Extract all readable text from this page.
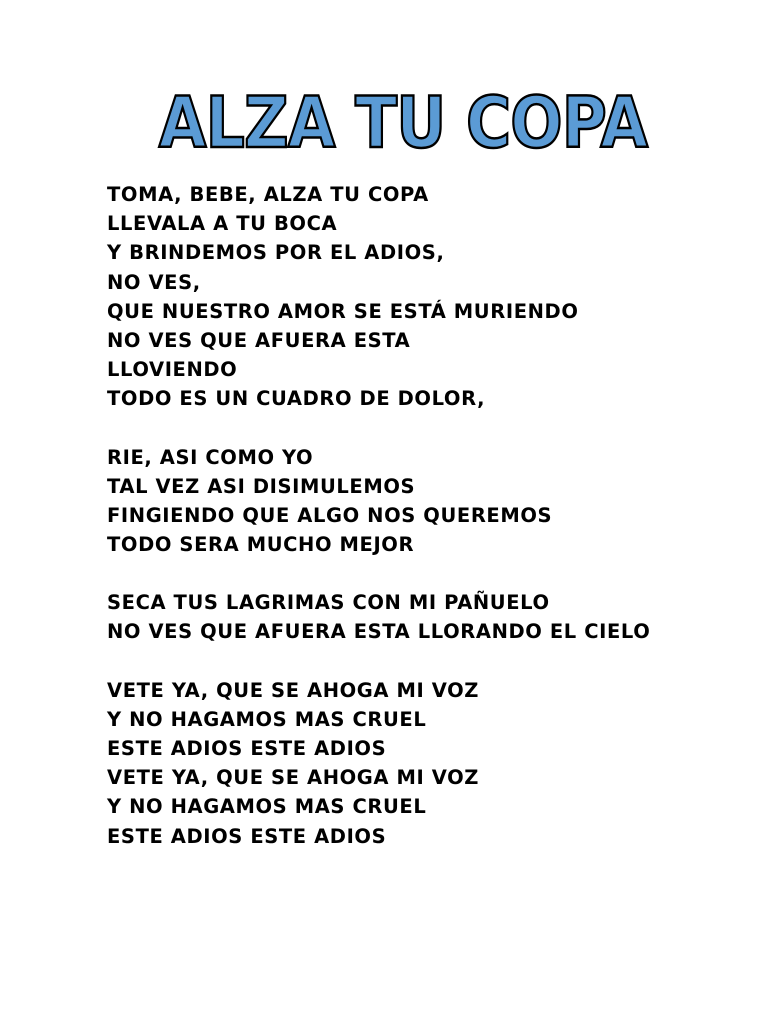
ALZA TU COPA
TOMA, BEBE, ALZA TU COPA
LLEVALA A TU BOCA
Y BRINDEMOS POR EL ADIOS,
NO VES,
QUE NUESTRO AMOR SE ESTÁ MURIENDO
NO VES QUE AFUERA ESTA
LLOVIENDO
TODO ES UN CUADRO DE DOLOR,
RIE, ASI COMO YO
TAL VEZ ASI DISIMULEMOS
FINGIENDO QUE ALGO NOS QUEREMOS
TODO SERA MUCHO MEJOR
SECA TUS LAGRIMAS CON MI PAÑUELO
NO VES QUE AFUERA ESTA LLORANDO EL CIELO
VETE YA, QUE SE AHOGA MI VOZ
Y NO HAGAMOS MAS CRUEL
ESTE ADIOS ESTE ADIOS
VETE YA, QUE SE AHOGA MI VOZ
Y NO HAGAMOS MAS CRUEL
ESTE ADIOS ESTE ADIOS
